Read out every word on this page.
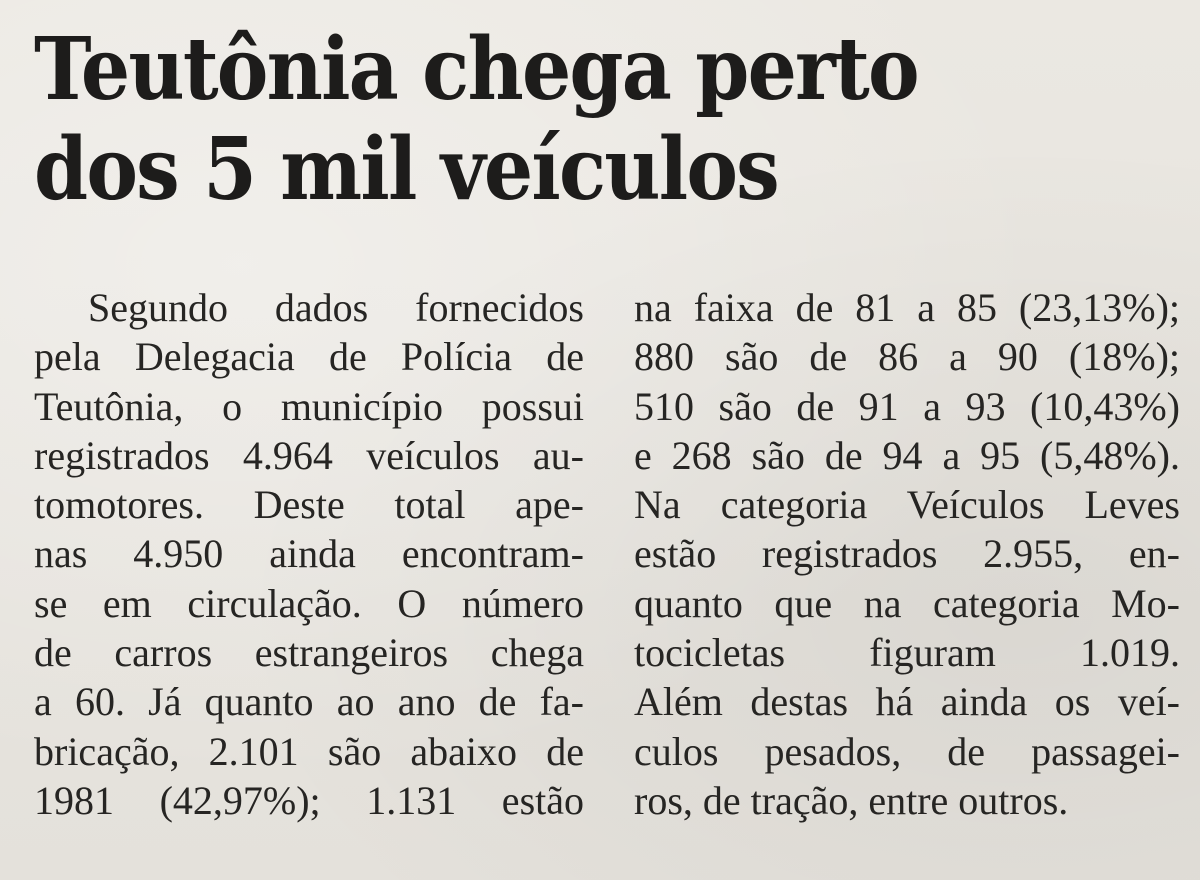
Teutônia chega perto
dos 5 mil veículos
Segundo dados fornecidos
pela Delegacia de Polícia de
Teutônia, o município possui
registrados 4.964 veículos au-
tomotores. Deste total ape-
nas 4.950 ainda encontram-
se em circulação. O número
de carros estrangeiros chega
a 60. Já quanto ao ano de fa-
bricação, 2.101 são abaixo de
1981 (42,97%); 1.131 estão
na faixa de 81 a 85 (23,13%);
880 são de 86 a 90 (18%);
510 são de 91 a 93 (10,43%)
e 268 são de 94 a 95 (5,48%).
Na categoria Veículos Leves
estão registrados 2.955, en-
quanto que na categoria Mo-
tocicletas figuram 1.019.
Além destas há ainda os veí-
culos pesados, de passagei-
ros, de tração, entre outros.
